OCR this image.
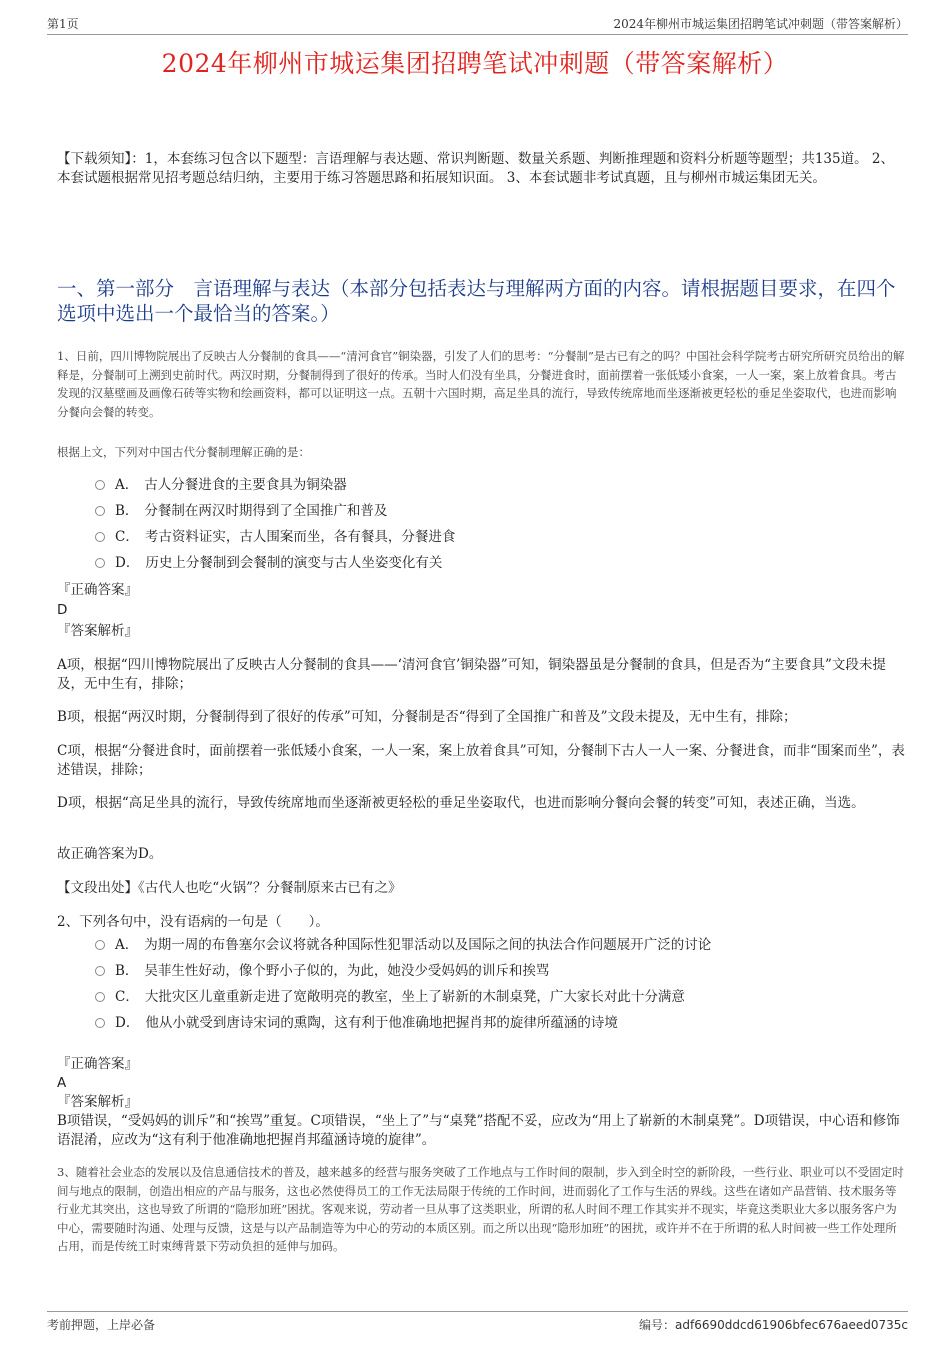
第1页	2024年柳州市城运集团招聘笔试冲刺题（带答案解析）
2024年柳州市城运集团招聘笔试冲刺题（带答案解析）
【下载须知】：1，本套练习包含以下题型：言语理解与表达题、常识判断题、数量关系题、判断推理题和资料分析题等题型；共135道。 2、本套试题根据常见招考题总结归纳，主要用于练习答题思路和拓展知识面。 3、本套试题非考试真题，且与柳州市城运集团无关。
一、第一部分　言语理解与表达（本部分包括表达与理解两方面的内容。请根据题目要求，在四个选项中选出一个最恰当的答案。）
1、日前，四川博物院展出了反映古人分餐制的食具——“清河食官”铜染器，引发了人们的思考：“分餐制”是古已有之的吗？中国社会科学院考古研究所研究员给出的解释是，分餐制可上溯到史前时代。两汉时期，分餐制得到了很好的传承。当时人们没有坐具，分餐进食时，面前摆着一张低矮小食案，一人一案，案上放着食具。考古发现的汉墓壁画及画像石砖等实物和绘画资料，都可以证明这一点。五朝十六国时期，高足坐具的流行，导致传统席地而坐逐渐被更轻松的垂足坐姿取代，也进而影响分餐向会餐的转变。
根据上文，下列对中国古代分餐制理解正确的是：
A． 古人分餐进食的主要食具为铜染器
B． 分餐制在两汉时期得到了全国推广和普及
C． 考古资料证实，古人围案而坐，各有餐具，分餐进食
D． 历史上分餐制到会餐制的演变与古人坐姿变化有关
『正确答案』
D
『答案解析』
A项，根据“四川博物院展出了反映古人分餐制的食具——‘清河食官’铜染器”可知，铜染器虽是分餐制的食具，但是否为“主要食具”文段未提及，无中生有，排除；
B项，根据“两汉时期，分餐制得到了很好的传承”可知，分餐制是否“得到了全国推广和普及”文段未提及，无中生有，排除；
C项，根据“分餐进食时，面前摆着一张低矮小食案，一人一案，案上放着食具”可知，分餐制下古人一人一案、分餐进食，而非“围案而坐”，表述错误，排除；
D项，根据“高足坐具的流行，导致传统席地而坐逐渐被更轻松的垂足坐姿取代，也进而影响分餐向会餐的转变”可知，表述正确，当选。
故正确答案为D。
【文段出处】《古代人也吃“火锅”？分餐制原来古已有之》
2、下列各句中，没有语病的一句是（　　）。
A． 为期一周的布鲁塞尔会议将就各种国际性犯罪活动以及国际之间的执法合作问题展开广泛的讨论
B． 吴菲生性好动，像个野小子似的，为此，她没少受妈妈的训斥和挨骂
C． 大批灾区儿童重新走进了宽敞明亮的教室，坐上了崭新的木制桌凳，广大家长对此十分满意
D． 他从小就受到唐诗宋词的熏陶，这有利于他准确地把握肖邦的旋律所蕴涵的诗境
『正确答案』
A
『答案解析』
B项错误，“受妈妈的训斥”和“挨骂”重复。C项错误，“坐上了”与“桌凳”搭配不妥，应改为“用上了崭新的木制桌凳”。D项错误，中心语和修饰语混淆，应改为“这有利于他准确地把握肖邦蕴涵诗境的旋律”。
3、随着社会业态的发展以及信息通信技术的普及，越来越多的经营与服务突破了工作地点与工作时间的限制，步入到全时空的新阶段，一些行业、职业可以不受固定时间与地点的限制，创造出相应的产品与服务，这也必然使得员工的工作无法局限于传统的工作时间，进而弱化了工作与生活的界线。这些在诸如产品营销、技术服务等行业尤其突出，这也导致了所谓的“隐形加班”困扰。客观来说，劳动者一旦从事了这类职业，所谓的私人时间不理工作其实并不现实，毕竟这类职业大多以服务客户为中心，需要随时沟通、处理与反馈，这是与以产品制造等为中心的劳动的本质区别。而之所以出现“隐形加班”的困扰，或许并不在于所谓的私人时间被一些工作处理所占用，而是传统工时束缚背景下劳动负担的延伸与加码。
考前押题，上岸必备	编号：adf6690ddcd61906bfec676aeed0735c
